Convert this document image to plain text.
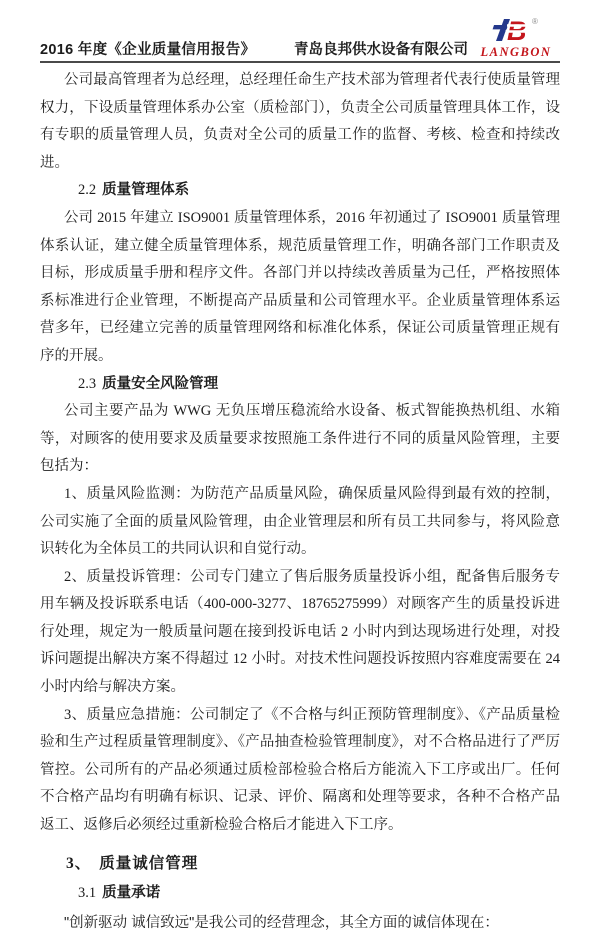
2016 年度《企业质量信用报告》	青岛良邦供水设备有限公司
B ®
LANGBON

公司最高管理者为总经理，总经理任命生产技术部为管理者代表行使质量管理权力，下设质量管理体系办公室（质检部门），负责全公司质量管理具体工作，设有专职的质量管理人员，负责对全公司的质量工作的监督、考核、检查和持续改进。

2.2 质量管理体系

公司 2015 年建立 ISO9001 质量管理体系，2016 年初通过了 ISO9001 质量管理体系认证，建立健全质量管理体系，规范质量管理工作，明确各部门工作职责及目标，形成质量手册和程序文件。各部门并以持续改善质量为己任，严格按照体系标准进行企业管理，不断提高产品质量和公司管理水平。企业质量管理体系运营多年，已经建立完善的质量管理网络和标准化体系，保证公司质量管理正规有序的开展。

2.3 质量安全风险管理

公司主要产品为 WWG 无负压增压稳流给水设备、板式智能换热机组、水箱等，对顾客的使用要求及质量要求按照施工条件进行不同的质量风险管理，主要包括为：

1、质量风险监测：为防范产品质量风险，确保质量风险得到最有效的控制，公司实施了全面的质量风险管理，由企业管理层和所有员工共同参与，将风险意识转化为全体员工的共同认识和自觉行动。

2、质量投诉管理：公司专门建立了售后服务质量投诉小组，配备售后服务专用车辆及投诉联系电话（400-000-3277、18765275999）对顾客产生的质量投诉进行处理，规定为一般质量问题在接到投诉电话 2 小时内到达现场进行处理，对投诉问题提出解决方案不得超过 12 小时。对技术性问题投诉按照内容难度需要在 24 小时内给与解决方案。

3、质量应急措施：公司制定了《不合格与纠正预防管理制度》、《产品质量检验和生产过程质量管理制度》、《产品抽查检验管理制度》，对不合格品进行了严厉管控。公司所有的产品必须通过质检部检验合格后方能流入下工序或出厂。任何不合格产品均有明确有标识、记录、评价、隔离和处理等要求，各种不合格产品返工、返修后必须经过重新检验合格后才能进入下工序。

3、 质量诚信管理
3.1 质量承诺

"创新驱动 诚信致远"是我公司的经营理念，其全方面的诚信体现在：
